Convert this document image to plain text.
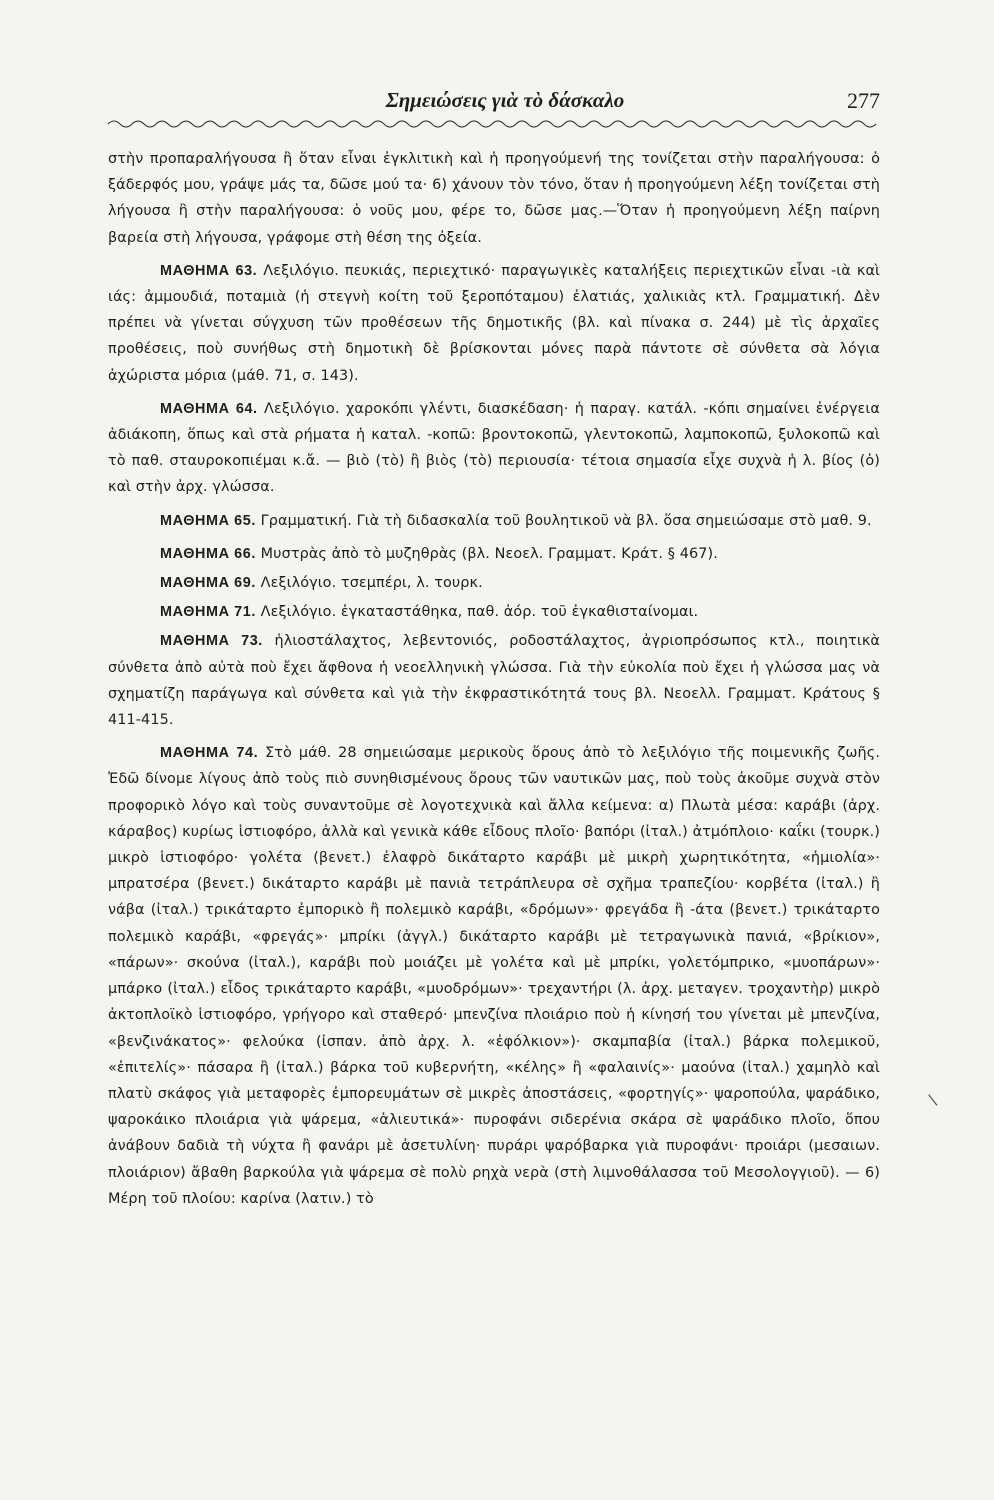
Σημειώσεις γιὰ τὸ δάσκαλο	277

στὴν προπαραλήγουσα ἢ ὅταν εἶναι ἐγκλιτικὴ καὶ ἡ προηγούμενή της τονίζεται στὴν παραλήγουσα: ὁ ξάδερφός μου, γράψε μάς τα, δῶσε μού τα· 6) χάνουν τὸν τόνο, ὅταν ἡ προηγούμενη λέξη τονίζεται στὴ λήγουσα ἢ στὴν παραλήγουσα: ὁ νοῦς μου, φέρε το, δῶσε μας.—Ὅταν ἡ προηγούμενη λέξη παίρνη βαρεία στὴ λήγουσα, γράφομε στὴ θέση της ὀξεία.

ΜΑΘΗΜΑ 63. Λεξιλόγιο. πευκιάς, περιεχτικό· παραγωγικὲς καταλήξεις περιεχτικῶν εἶναι -ιὰ καὶ ιάς: ἀμμουδιά, ποταμιὰ (ἡ στεγνὴ κοίτη τοῦ ξεροπόταμου) ἐλατιάς, χαλικιὰς κτλ. Γραμματική. Δὲν πρέπει νὰ γίνεται σύγχυση τῶν προθέσεων τῆς δημοτικῆς (βλ. καὶ πίνακα σ. 244) μὲ τὶς ἀρχαῖες προθέσεις, ποὺ συνήθως στὴ δημοτικὴ δὲ βρίσκονται μόνες παρὰ πάντοτε σὲ σύνθετα σὰ λόγια ἀχώριστα μόρια (μάθ. 71, σ. 143).

ΜΑΘΗΜΑ 64. Λεξιλόγιο. χαροκόπι γλέντι, διασκέδαση· ἡ παραγ. κατάλ. -κόπι σημαίνει ἐνέργεια ἀδιάκοπη, ὅπως καὶ στὰ ρήματα ἡ καταλ. -κοπῶ: βροντοκοπῶ, γλεντοκοπῶ, λαμποκοπῶ, ξυλοκοπῶ καὶ τὸ παθ. σταυροκοπιέμαι κ.ἄ. — βιὸ (τὸ) ἢ βιὸς (τὸ) περιουσία· τέτοια σημασία εἶχε συχνὰ ἡ λ. βίος (ὁ) καὶ στὴν ἀρχ. γλώσσα.

ΜΑΘΗΜΑ 65. Γραμματική. Γιὰ τὴ διδασκαλία τοῦ βουλητικοῦ νὰ βλ. ὅσα σημειώσαμε στὸ μαθ. 9.

ΜΑΘΗΜΑ 66. Μυστρὰς ἀπὸ τὸ μυζηθρὰς (βλ. Νεοελ. Γραμματ. Κράτ. § 467).

ΜΑΘΗΜΑ 69. Λεξιλόγιο. τσεμπέρι, λ. τουρκ.

ΜΑΘΗΜΑ 71. Λεξιλόγιο. ἐγκαταστάθηκα, παθ. ἀόρ. τοῦ ἐγκαθισταίνομαι.

ΜΑΘΗΜΑ 73. ἡλιοστάλαχτος, λεβεντονιός, ροδοστάλαχτος, ἀγριοπρόσωπος κτλ., ποιητικὰ σύνθετα ἀπὸ αὐτὰ ποὺ ἔχει ἄφθονα ἡ νεοελληνικὴ γλώσσα. Γιὰ τὴν εὐκολία ποὺ ἔχει ἡ γλώσσα μας νὰ σχηματίζη παράγωγα καὶ σύνθετα καὶ γιὰ τὴν ἐκφραστικότητά τους βλ. Νεοελλ. Γραμματ. Κράτους § 411-415.

ΜΑΘΗΜΑ 74. Στὸ μάθ. 28 σημειώσαμε μερικοὺς ὅρους ἀπὸ τὸ λεξιλόγιο τῆς ποιμενικῆς ζωῆς. Ἐδῶ δίνομε λίγους ἀπὸ τοὺς πιὸ συνηθισμένους ὅρους τῶν ναυτικῶν μας, ποὺ τοὺς ἀκοῦμε συχνὰ στὸν προφορικὸ λόγο καὶ τοὺς συναντοῦμε σὲ λογοτεχνικὰ καὶ ἄλλα κείμενα: α) Πλωτὰ μέσα: καράβι (ἀρχ. κάραβος) κυρίως ἱστιοφόρο, ἀλλὰ καὶ γενικὰ κάθε εἶδους πλοῖο· βαπόρι (ἰταλ.) ἀτμόπλοιο· καΐκι (τουρκ.) μικρὸ ἱστιοφόρο· γολέτα (βενετ.) ἐλαφρὸ δικάταρτο καράβι μὲ μικρὴ χωρητικότητα, «ἡμιολία»· μπρατσέρα (βενετ.) δικάταρτο καράβι μὲ πανιὰ τετράπλευρα σὲ σχῆμα τραπεζίου· κορβέτα (ἰταλ.) ἢ νάβα (ἰταλ.) τρικάταρτο ἐμπορικὸ ἢ πολεμικὸ καράβι, «δρόμων»· φρεγάδα ἢ -άτα (βενετ.) τρικάταρτο πολεμικὸ καράβι, «φρεγάς»· μπρίκι (ἀγγλ.) δικάταρτο καράβι μὲ τετραγωνικὰ πανιά, «βρίκιον», «πάρων»· σκούνα (ἰταλ.), καράβι ποὺ μοιάζει μὲ γολέτα καὶ μὲ μπρίκι, γολετόμπρικο, «μυοπάρων»· μπάρκο (ἰταλ.) εἶδος τρικάταρτο καράβι, «μυοδρόμων»· τρεχαντήρι (λ. ἀρχ. μεταγεν. τροχαντὴρ) μικρὸ ἀκτοπλοϊκὸ ἱστιοφόρο, γρήγορο καὶ σταθερό· μπενζίνα πλοιάριο ποὺ ἡ κίνησή του γίνεται μὲ μπενζίνα, «βενζινάκατος»· φελούκα (ἰσπαν. ἀπὸ ἀρχ. λ. «ἐφόλκιον»)· σκαμπαβία (ἰταλ.) βάρκα πολεμικοῦ, «ἐπιτελίς»· πάσαρα ἢ (ἰταλ.) βάρκα τοῦ κυβερνήτη, «κέλης» ἢ «φαλαινίς»· μαούνα (ἰταλ.) χαμηλὸ καὶ πλατὺ σκάφος γιὰ μεταφορὲς ἐμπορευμάτων σὲ μικρὲς ἀποστάσεις, «φορτηγίς»· ψαροπούλα, ψαράδικο, ψαροκάικο πλοιάρια γιὰ ψάρεμα, «ἁλιευτικά»· πυροφάνι σιδερένια σκάρα σὲ ψαράδικο πλοῖο, ὅπου ἀνάβουν δαδιὰ τὴ νύχτα ἢ φανάρι μὲ ἀσετυλίνη· πυράρι ψαρόβαρκα γιὰ πυροφάνι· προιάρι (μεσαιων. πλοιάριον) ἄβαθη βαρκούλα γιὰ ψάρεμα σὲ πολὺ ρηχὰ νερὰ (στὴ λιμνοθάλασσα τοῦ Μεσολογγιοῦ). — 6) Μέρη τοῦ πλοίου: καρίνα (λατιν.) τὸ

\
